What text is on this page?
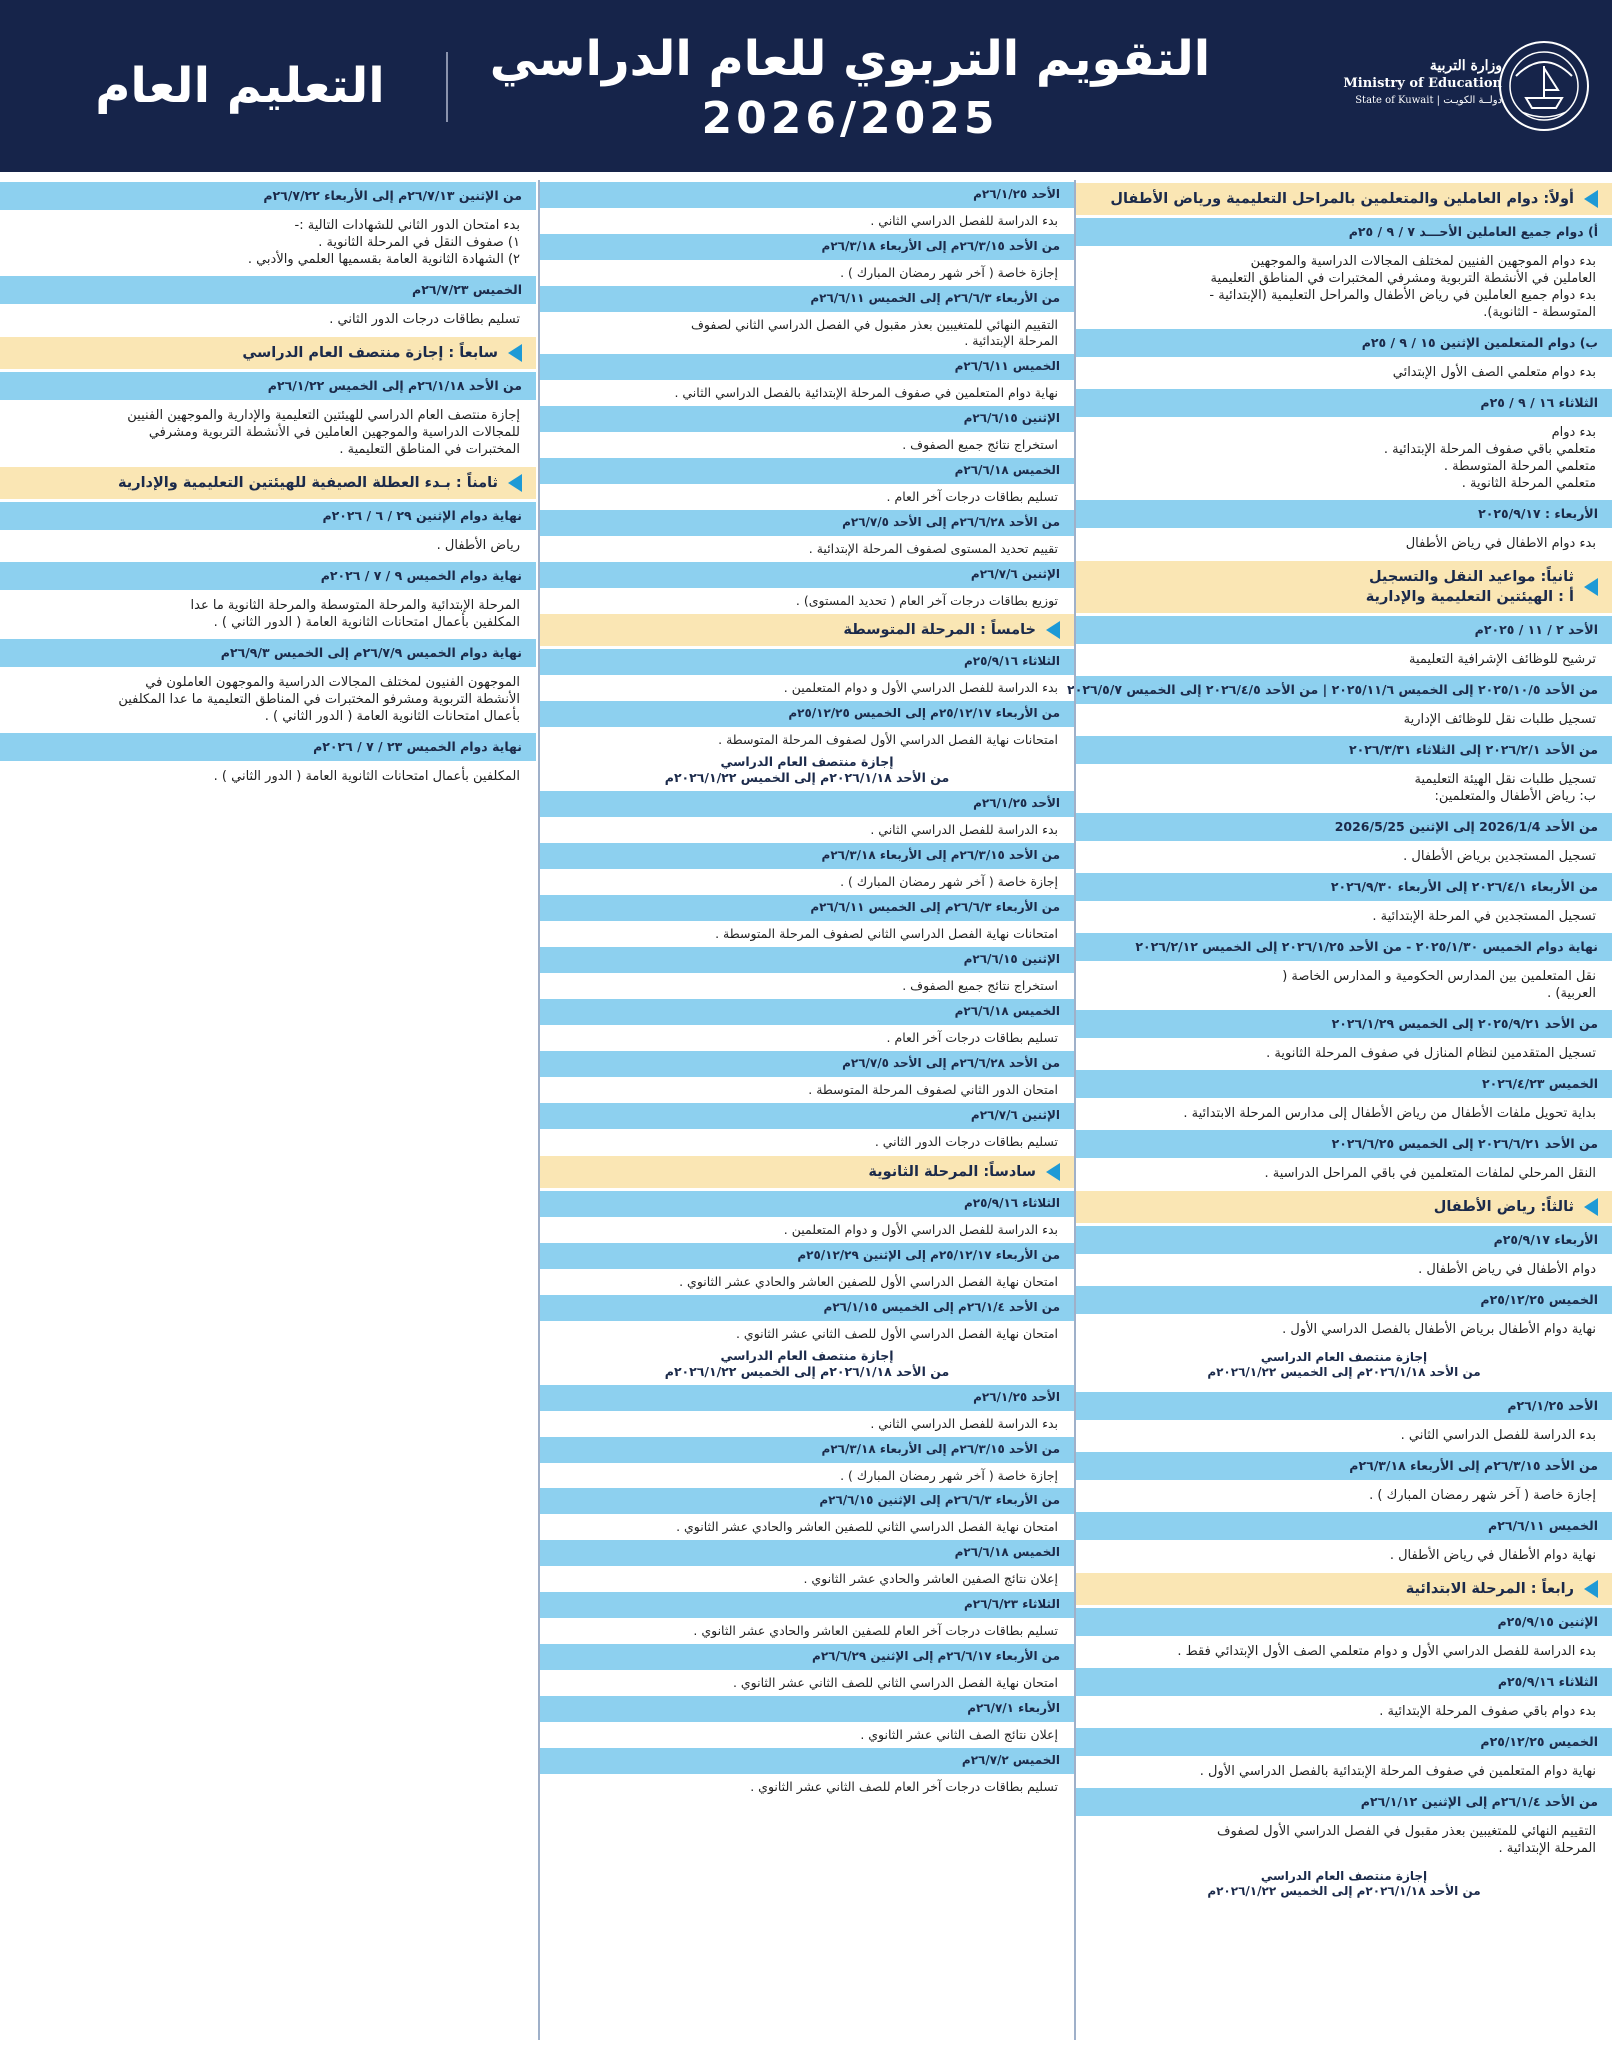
التعليم العام	التقويم التربوي للعام الدراسي
2026/2025
وزارة التربية
Ministry of Education
State of Kuwait | دولــة الكويـت
أولاً: دوام العاملين والمتعلمين بالمراحل التعليمية ورياض الأطفال
أ) دوام جميع العاملين الأحـــد ٧ / ٩ / ٢٥م
بدء دوام الموجهين الفنيين لمختلف المجالات الدراسية والموجهين
العاملين في الأنشطة التربوية ومشرفي المختبرات في المناطق التعليمية
بدء دوام جميع العاملين في رياض الأطفال والمراحل التعليمية (الإبتدائية -
المتوسطة - الثانوية).
ب) دوام المتعلمين الإثنين ١٥ / ٩ / ٢٥م
بدء دوام متعلمي الصف الأول الإبتدائي
الثلاثاء ١٦ / ٩ / ٢٥م
بدء دوام
متعلمي باقي صفوف المرحلة الإبتدائية .
متعلمي المرحلة المتوسطة .
متعلمي المرحلة الثانوية .
الأربعاء : ٢٠٢٥/٩/١٧
بدء دوام الاطفال في رياض الأطفال
ثانياً: مواعيد النقل والتسجيل
أ : الهيئتين التعليمية والإدارية
الأحد ٢ / ١١ / ٢٠٢٥م
ترشيح للوظائف الإشرافية التعليمية
من الأحد ٢٠٢٥/١٠/٥ إلى الخميس ٢٠٢٥/١١/٦ | من الأحد ٢٠٢٦/٤/٥ إلى الخميس ٢٠٢٦/٥/٧
تسجيل طلبات نقل للوظائف الإدارية
من الأحد ٢٠٢٦/٢/١ إلى الثلاثاء ٢٠٢٦/٣/٣١
تسجيل طلبات نقل الهيئة التعليمية
ب: رياض الأطفال والمتعلمين:
من الأحد 2026/1/4 إلى الإثنين 2026/5/25
تسجيل المستجدين برياض الأطفال .
من الأربعاء ٢٠٢٦/٤/١ إلى الأربعاء ٢٠٢٦/٩/٣٠
تسجيل المستجدين في المرحلة الإبتدائية .
نهاية دوام الخميس ٢٠٢٥/١/٣٠ - من الأحد ٢٠٢٦/١/٢٥ إلى الخميس ٢٠٢٦/٢/١٢
نقل المتعلمين بين المدارس الحكومية و المدارس الخاصة (
العربية) .
من الأحد ٢٠٢٥/٩/٢١ إلى الخميس ٢٠٢٦/١/٢٩
تسجيل المتقدمين لنظام المنازل في صفوف المرحلة الثانوية .
الخميس ٢٠٢٦/٤/٢٣
بداية تحويل ملفات الأطفال من رياض الأطفال إلى مدارس المرحلة الابتدائية .
من الأحد ٢٠٢٦/٦/٢١ إلى الخميس ٢٠٢٦/٦/٢٥
النقل المرحلي لملفات المتعلمين في باقي المراحل الدراسية .
ثالثاً: رياض الأطفال
الأربعاء ٢٥/٩/١٧م
دوام الأطفال في رياض الأطفال .
الخميس ٢٥/١٢/٢٥م
نهاية دوام الأطفال برياض الأطفال بالفصل الدراسي الأول .
إجازة منتصف العام الدراسي
من الأحد ٢٠٢٦/١/١٨م إلى الخميس ٢٠٢٦/١/٢٢م
الأحد ٢٦/١/٢٥م
بدء الدراسة للفصل الدراسي الثاني .
من الأحد ٢٦/٣/١٥م إلى الأربعاء ٢٦/٣/١٨م
إجازة خاصة ( آخر شهر رمضان المبارك ) .
الخميس ٢٦/٦/١١م
نهاية دوام الأطفال في رياض الأطفال .
رابعاً : المرحلة الابتدائية
الإثنين ٢٥/٩/١٥م
بدء الدراسة للفصل الدراسي الأول و دوام متعلمي الصف الأول الإبتدائي فقط .
الثلاثاء ٢٥/٩/١٦م
بدء دوام باقي صفوف المرحلة الإبتدائية .
الخميس ٢٥/١٢/٢٥م
نهاية دوام المتعلمين في صفوف المرحلة الإبتدائية بالفصل الدراسي الأول .
من الأحد ٢٦/١/٤م إلى الإثنين ٢٦/١/١٢م
التقييم النهائي للمتغيبين بعذر مقبول في الفصل الدراسي الأول لصفوف
المرحلة الإبتدائية .
إجازة منتصف العام الدراسي
من الأحد ٢٠٢٦/١/١٨م إلى الخميس ٢٠٢٦/١/٢٢م
الأحد ٢٦/١/٢٥م
بدء الدراسة للفصل الدراسي الثاني .
من الأحد ٢٦/٣/١٥م إلى الأربعاء ٢٦/٣/١٨م
إجازة خاصة ( آخر شهر رمضان المبارك ) .
من الأربعاء ٢٦/٦/٣م إلى الخميس ٢٦/٦/١١م
التقييم النهائي للمتغيبين بعذر مقبول في الفصل الدراسي الثاني لصفوف
المرحلة الإبتدائية .
الخميس ٢٦/٦/١١م
نهاية دوام المتعلمين في صفوف المرحلة الإبتدائية بالفصل الدراسي الثاني .
الإثنين ٢٦/٦/١٥م
استخراج نتائج جميع الصفوف .
الخميس ٢٦/٦/١٨م
تسليم بطاقات درجات آخر العام .
من الأحد ٢٦/٦/٢٨م إلى الأحد ٢٦/٧/٥م
تقييم تحديد المستوى لصفوف المرحلة الإبتدائية .
الإثنين ٢٦/٧/٦م
توزيع بطاقات درجات آخر العام ( تحديد المستوى) .
خامساً : المرحلة المتوسطة
الثلاثاء ٢٥/٩/١٦م
بدء الدراسة للفصل الدراسي الأول و دوام المتعلمين .
من الأربعاء ٢٥/١٢/١٧م إلى الخميس ٢٥/١٢/٢٥م
امتحانات نهاية الفصل الدراسي الأول لصفوف المرحلة المتوسطة .
إجازة منتصف العام الدراسي
من الأحد ٢٠٢٦/١/١٨م إلى الخميس ٢٠٢٦/١/٢٢م
الأحد ٢٦/١/٢٥م
بدء الدراسة للفصل الدراسي الثاني .
من الأحد ٢٦/٣/١٥م إلى الأربعاء ٢٦/٣/١٨م
إجازة خاصة ( آخر شهر رمضان المبارك ) .
من الأربعاء ٢٦/٦/٣م إلى الخميس ٢٦/٦/١١م
امتحانات نهاية الفصل الدراسي الثاني لصفوف المرحلة المتوسطة .
الإثنين ٢٦/٦/١٥م
استخراج نتائج جميع الصفوف .
الخميس ٢٦/٦/١٨م
تسليم بطاقات درجات آخر العام .
من الأحد ٢٦/٦/٢٨م إلى الأحد ٢٦/٧/٥م
امتحان الدور الثاني لصفوف المرحلة المتوسطة .
الإثنين ٢٦/٧/٦م
تسليم بطاقات درجات الدور الثاني .
سادساً: المرحلة الثانوية
الثلاثاء ٢٥/٩/١٦م
بدء الدراسة للفصل الدراسي الأول و دوام المتعلمين .
من الأربعاء ٢٥/١٢/١٧م إلى الإثنين ٢٥/١٢/٢٩م
امتحان نهاية الفصل الدراسي الأول للصفين العاشر والحادي عشر الثانوي .
من الأحد ٢٦/١/٤م إلى الخميس ٢٦/١/١٥م
امتحان نهاية الفصل الدراسي الأول للصف الثاني عشر الثانوي .
إجازة منتصف العام الدراسي
من الأحد ٢٠٢٦/١/١٨م إلى الخميس ٢٠٢٦/١/٢٢م
الأحد ٢٦/١/٢٥م
بدء الدراسة للفصل الدراسي الثاني .
من الأحد ٢٦/٣/١٥م إلى الأربعاء ٢٦/٣/١٨م
إجازة خاصة ( آخر شهر رمضان المبارك ) .
من الأربعاء ٢٦/٦/٣م إلى الإثنين ٢٦/٦/١٥م
امتحان نهاية الفصل الدراسي الثاني للصفين العاشر والحادي عشر الثانوي .
الخميس ٢٦/٦/١٨م
إعلان نتائج الصفين العاشر والحادي عشر الثانوي .
الثلاثاء ٢٦/٦/٢٣م
تسليم بطاقات درجات آخر العام للصفين العاشر والحادي عشر الثانوي .
من الأربعاء ٢٦/٦/١٧م إلى الإثنين ٢٦/٦/٢٩م
امتحان نهاية الفصل الدراسي الثاني للصف الثاني عشر الثانوي .
الأربعاء ٢٦/٧/١م
إعلان نتائج الصف الثاني عشر الثانوي .
الخميس ٢٦/٧/٢م
تسليم بطاقات درجات آخر العام للصف الثاني عشر الثانوي .
من الإثنين ٢٦/٧/١٣م إلى الأربعاء ٢٦/٧/٢٢م
بدء امتحان الدور الثاني للشهادات التالية :-
١) صفوف النقل في المرحلة الثانوية .
٢) الشهادة الثانوية العامة بقسميها العلمي والأدبي .
الخميس ٢٦/٧/٢٣م
تسليم بطاقات درجات الدور الثاني .
سابعاً : إجازة منتصف العام الدراسي
من الأحد ٢٦/١/١٨م إلى الخميس ٢٦/١/٢٢م
إجازة منتصف العام الدراسي للهيئتين التعليمية والإدارية والموجهين الفنيين
للمجالات الدراسية والموجهين العاملين في الأنشطة التربوية ومشرفي
المختبرات في المناطق التعليمية .
ثامناً : بـدء العطلة الصيفية للهيئتين التعليمية والإدارية
نهاية دوام الإثنين ٢٩ / ٦ / ٢٠٢٦م
رياض الأطفال .
نهاية دوام الخميس ٩ / ٧ / ٢٠٢٦م
المرحلة الإبتدائية والمرحلة المتوسطة والمرحلة الثانوية ما عدا
المكلفين بأعمال امتحانات الثانوية العامة ( الدور الثاني ) .
نهاية دوام الخميس ٢٦/٧/٩م إلى الخميس ٢٦/٩/٣م
الموجهون الفنيون لمختلف المجالات الدراسية والموجهون العاملون في
الأنشطة التربوية ومشرفو المختبرات في المناطق التعليمية ما عدا المكلفين
بأعمال امتحانات الثانوية العامة ( الدور الثاني ) .
نهاية دوام الخميس ٢٣ / ٧ / ٢٠٢٦م
المكلفين بأعمال امتحانات الثانوية العامة ( الدور الثاني ) .
